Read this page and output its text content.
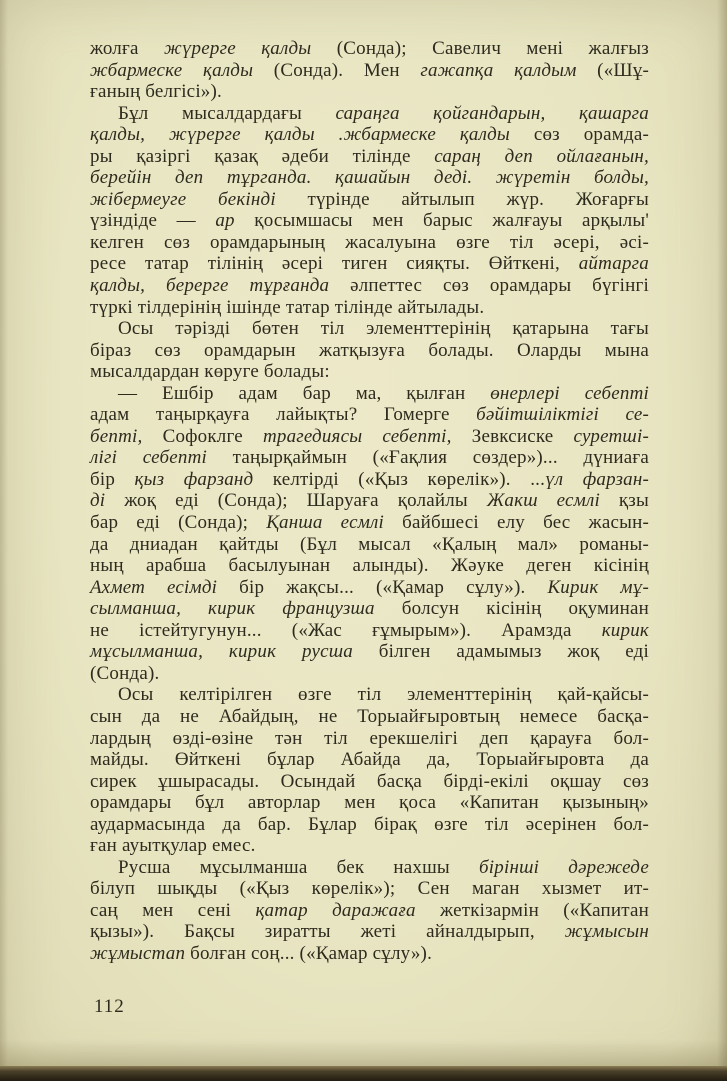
жолға жүрерге қалды (Сонда); Савелич мені жалғыз
жбармеске қалды (Сонда). Мен гажапқа қалдым («Шұ-
ғаның белгісі»).
Бұл мысалдардағы сараңга қойгандарын, қашарга
қалды, жүрерге қалды .жбармеске қалды сөз орамда-
ры қазіргі қазақ әдеби тілінде сараң деп ойлағанын,
берейін деп тұрганда. қашайын деді. жүретін болды,
жібермеуге бекінді түрінде айтылып жүр. Жоғарғы
үзіндіде — ар қосымшасы мен барыс жалғауы арқылы'
келген сөз орамдарының жасалуына өзге тіл әсері, әсі-
ресе татар тілінің әсері тиген сияқты. Өйткені, айтарга
қалды, берерге тұрғанда әлпеттес сөз орамдары бүгінгі
түркі тілдерінің ішінде татар тілінде айтылады.
Осы тәрізді бөтен тіл элементтерінің қатарына тағы
біраз сөз орамдарын жатқызуға болады. Оларды мына
мысалдардан көруге болады:
— Ешбір адам бар ма, қылған өнерлері себепті
адам таңырқауға лайықты? Гомерге бәйітшіліктігі се-
бепті, Софоклге трагедиясы себепті, Зевксиске суретші-
лігі себепті таңырқаймын («Ғақлия сөздер»)... дүниаға
бір қыз фарзанд келтірді («Қыз көрелік»). ...үл фарзан-
ді жоқ еді (Сонда); Шаруаға қолайлы Жакш есмлі қзы
бар еді (Сонда); Қанша есмлі байбшесі елу бес жасын-
да дниадан қайтды (Бұл мысал «Қалың мал» романы-
ның арабша басылуынан алынды). Жәуке деген кісінің
Ахмет есімді бір жақсы... («Қамар сұлу»). Кирик мұ-
сылманша, кирик французша болсун кісінің оқуминан
не істейтугунун... («Жас ғұмырым»). Арамзда кирик
мұсылманша, кирик русша білген адамымыз жоқ еді
(Сонда).
Осы келтірілген өзге тіл элементтерінің қай-қайсы-
сын да не Абайдың, не Торыайғыровтың немесе басқа-
лардың өзді-өзіне тән тіл ерекшелігі деп қарауға бол-
майды. Өйткені бұлар Абайда да, Торыайғыровта да
сирек ұшырасады. Осындай басқа бірді-екілі оқшау сөз
орамдары бұл авторлар мен қоса «Капитан қызының»
аудармасында да бар. Бұлар бірақ өзге тіл әсерінен бол-
ған ауытқулар емес.
Русша мұсылманша бек нахшы бірінші дәрежеде
білуп шықды («Қыз көрелік»); Сен маган хызмет ит-
саң мен сені қатар даражаға жеткізармін («Капитан
қызы»). Бақсы зиратты жеті айналдырып, жұмысын
жұмыстап болған соң... («Қамар сұлу»).
112
